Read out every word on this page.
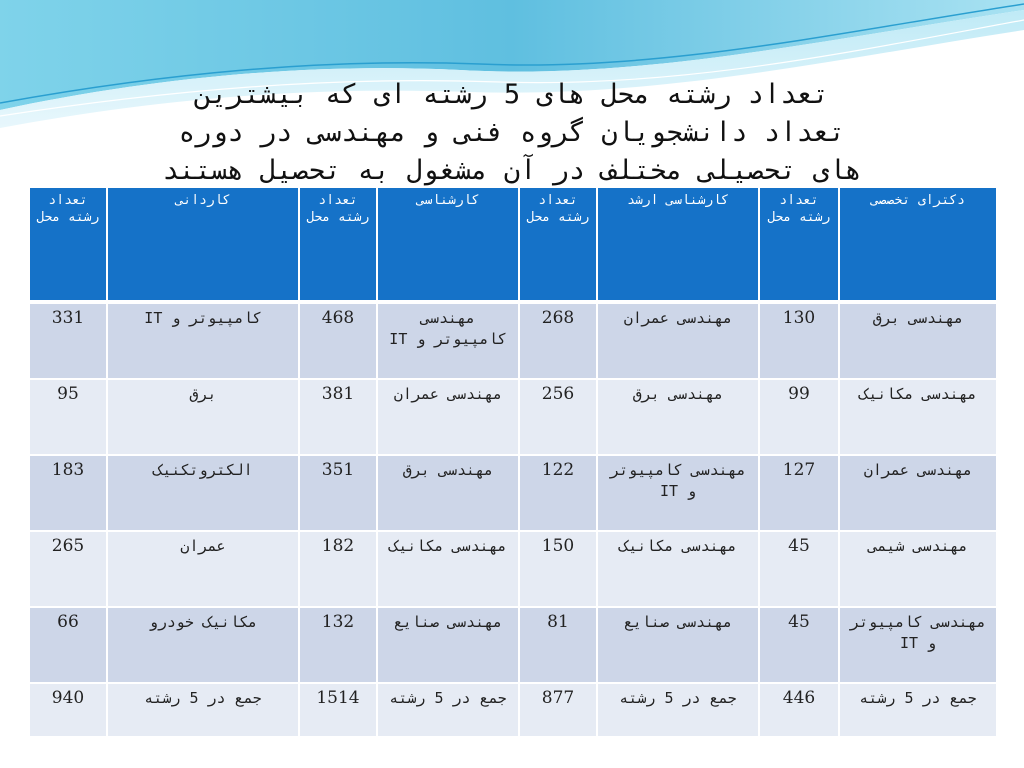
تعداد رشته محل های 5 رشته ای که بیشترین
تعداد دانشجویان گروه فنی و مهندسی در دوره
های تحصیلی مختلف در آن مشغول به تحصیل هستند
دکترای تخصصی	تعداد رشته محل	کارشناسی ارشد	تعداد رشته محل	کارشناسی	تعداد رشته محل	کاردانی	تعداد رشته محل
مهندسی برق	130	مهندسی عمران	268	مهندسی کامپیوتر و IT	468	کامپیوتر و IT	331
مهندسی مکانیک	99	مهندسی برق	256	مهندسی عمران	381	برق	95
مهندسی عمران	127	مهندسی کامپیوتر و IT	122	مهندسی برق	351	الکتروتکنیک	183
مهندسی شیمی	45	مهندسی مکانیک	150	مهندسی مکانیک	182	عمران	265
مهندسی کامپیوتر و IT	45	مهندسی صنایع	81	مهندسی صنایع	132	مکانیک خودرو	66
جمع در 5 رشته	446	جمع در 5 رشته	877	جمع در 5 رشته	1514	جمع در 5 رشته	940
